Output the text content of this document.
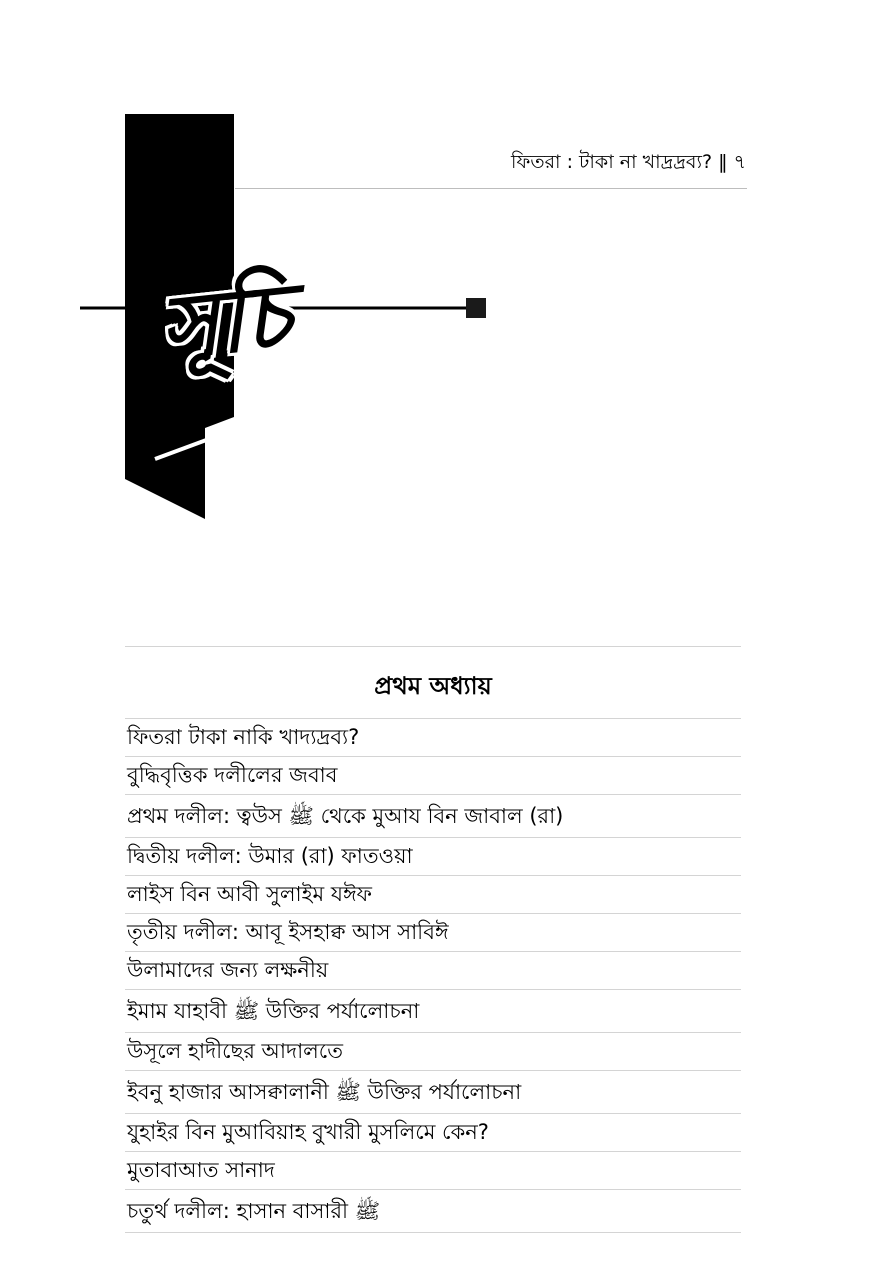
ফিতরা : টাকা না খাদ্রদ্রব্য? ‖ ৭
সূচি
প্রথম অধ্যায়
ফিতরা টাকা নাকি খাদ্যদ্রব্য?
বুদ্ধিবৃত্তিক দলীলের জবাব
প্রথম দলীল: ত্বউস ﷺ থেকে মুআয বিন জাবাল (রা)
দ্বিতীয় দলীল: উমার (রা) ফাতওয়া
লাইস বিন আবী সুলাইম যঈফ
তৃতীয় দলীল: আবূ ইসহাক্ব আস সাবিঈ
উলামাদের জন্য লক্ষনীয়
ইমাম যাহাবী ﷺ উক্তির পর্যালোচনা
উসূলে হাদীছের আদালতে
ইবনু হাজার আসক্বালানী ﷺ উক্তির পর্যালোচনা
যুহাইর বিন মুআবিয়াহ বুখারী মুসলিমে কেন?
মুতাবাআত সানাদ
চতুর্থ দলীল: হাসান বাসারী ﷺ
